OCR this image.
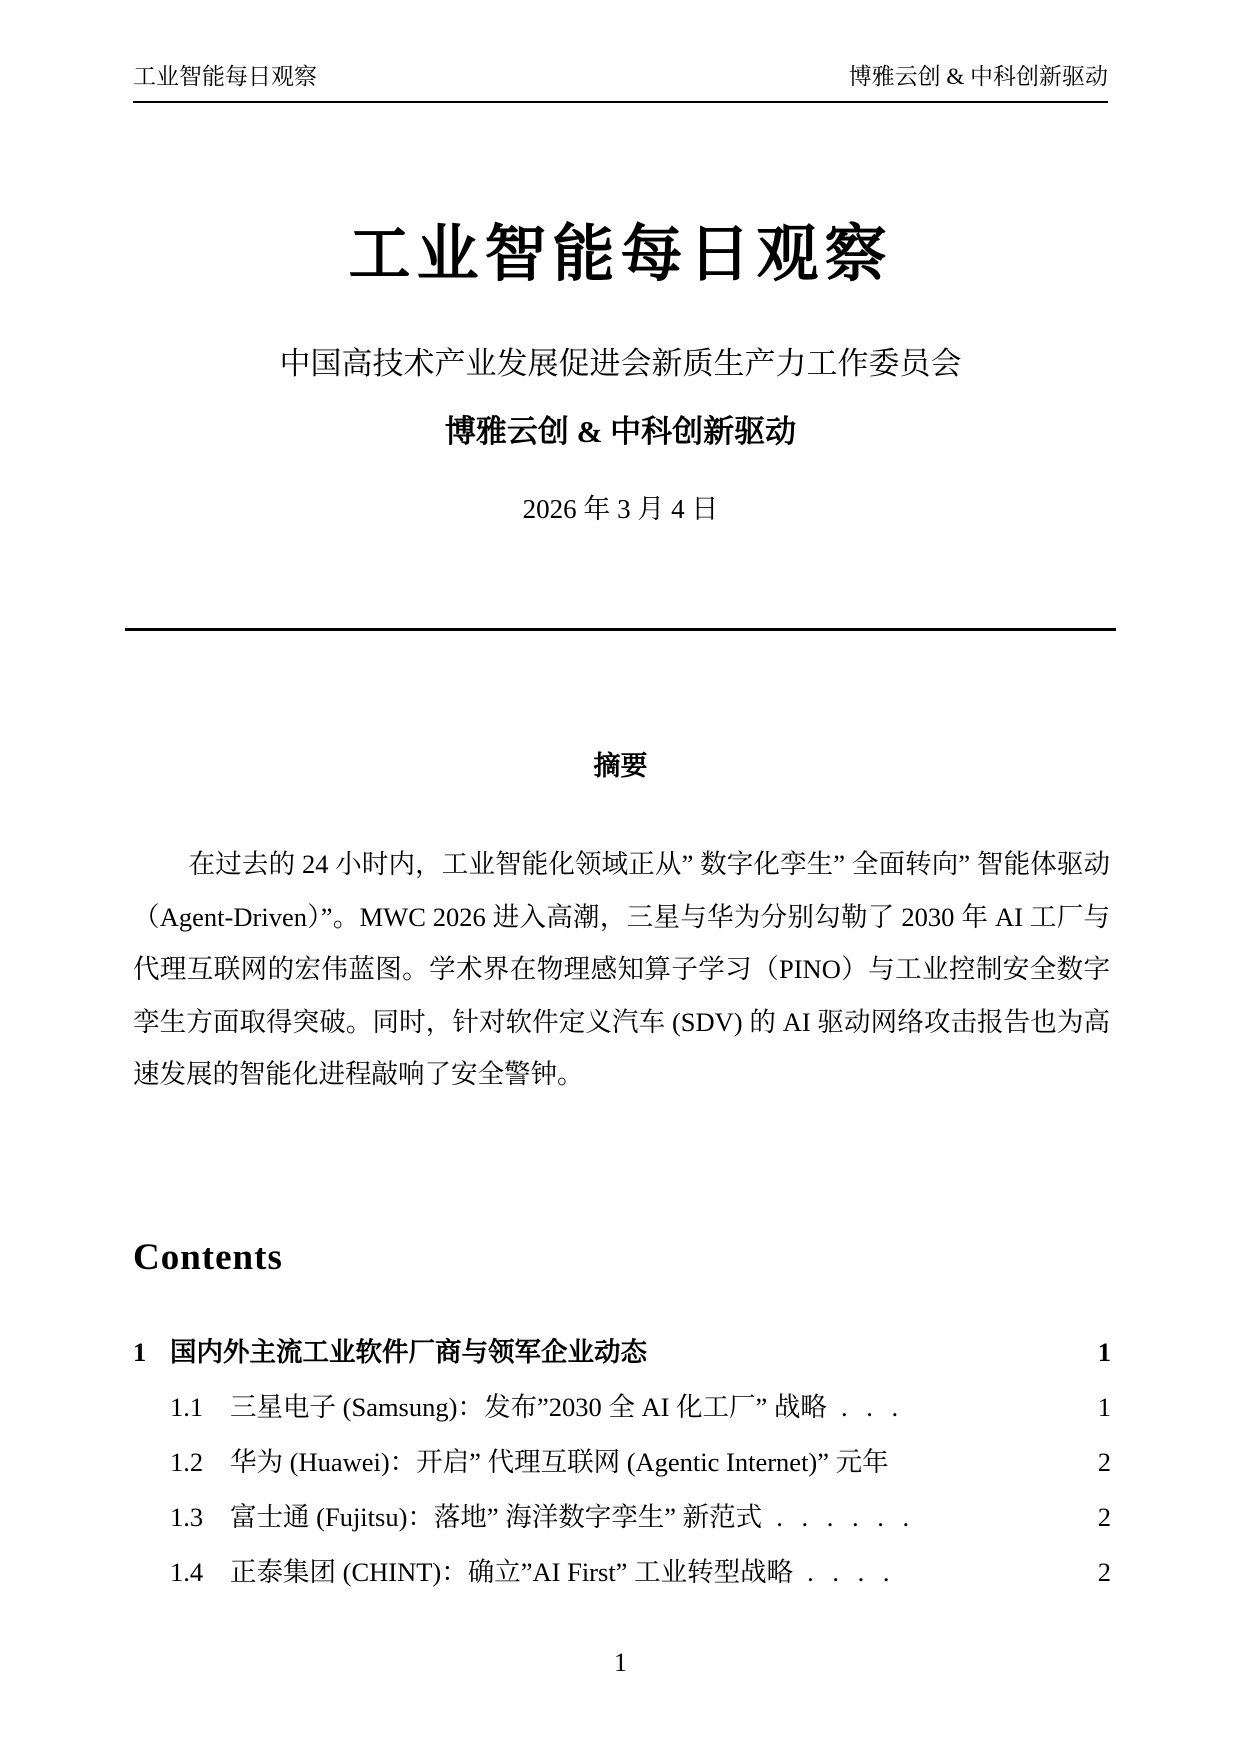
工业智能每日观察	博雅云创 & 中科创新驱动
工业智能每日观察
中国高技术产业发展促进会新质生产力工作委员会
博雅云创 & 中科创新驱动
2026 年 3 月 4 日
摘要

在过去的 24 小时内，工业智能化领域正从” 数字化孪生” 全面转向” 智能体驱动（Agent-Driven）”。MWC 2026 进入高潮，三星与华为分别勾勒了 2030 年 AI 工厂与代理互联网的宏伟蓝图。学术界在物理感知算子学习（PINO）与工业控制安全数字孪生方面取得突破。同时，针对软件定义汽车 (SDV) 的 AI 驱动网络攻击报告也为高速发展的智能化进程敲响了安全警钟。

Contents
1 国内外主流工业软件厂商与领军企业动态	1
1.1	三星电子 (Samsung)：发布”2030 全 AI 化工厂” 战略 . . .	1
1.2	华为 (Huawei)：开启” 代理互联网 (Agentic Internet)” 元年	2
1.3	富士通 (Fujitsu)：落地” 海洋数字孪生” 新范式 . . . . . .	2
1.4	正泰集团 (CHINT)：确立”AI First” 工业转型战略 . . . .	2
1
